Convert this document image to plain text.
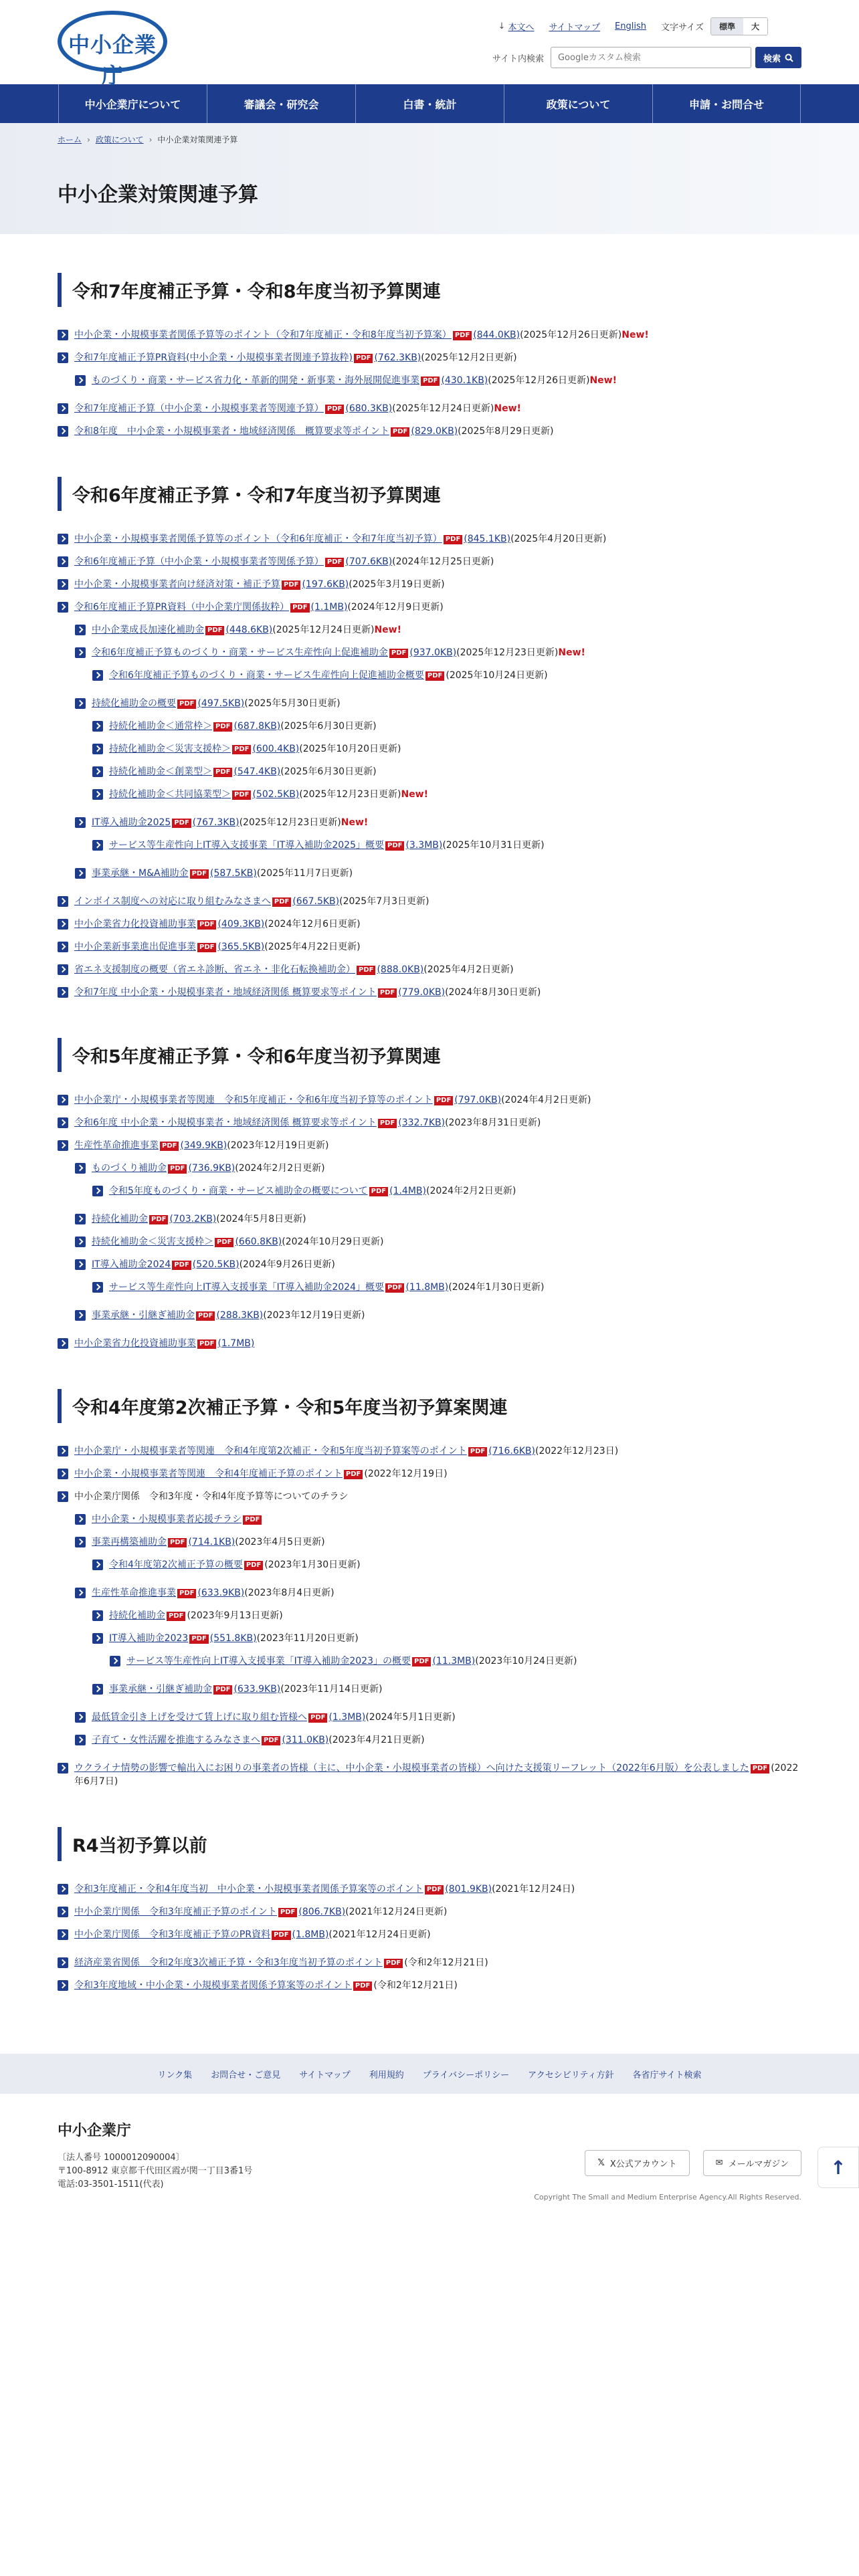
中小企業庁
↓ 本文へ サイトマップ English 文字サイズ	標準	大
サイト内検索
Googleカスタム検索	検索
中小企業庁について	審議会・研究会	白書・統計	政策について	申請・お問合せ
ホーム › 政策について › 中小企業対策関連予算
中小企業対策関連予算
令和7年度補正予算・令和8年度当初予算関連
中小企業・小規模事業者関係予算等のポイント（令和7年度補正・令和8年度当初予算案） PDF (844.0KB)(2025年12月26日更新)New!
令和7年度補正予算PR資料(中小企業・小規模事業者関連予算抜粋) PDF (762.3KB)(2025年12月2日更新)
ものづくり・商業・サービス省力化・革新的開発・新事業・海外展開促進事業 PDF (430.1KB)(2025年12月26日更新)New!
令和7年度補正予算（中小企業・小規模事業者等関連予算） PDF (680.3KB)(2025年12月24日更新)New!
令和8年度　中小企業・小規模事業者・地域経済関係　概算要求等ポイント PDF (829.0KB)(2025年8月29日更新)
令和6年度補正予算・令和7年度当初予算関連
中小企業・小規模事業者関係予算等のポイント（令和6年度補正・令和7年度当初予算） PDF (845.1KB)(2025年4月20日更新)
令和6年度補正予算（中小企業・小規模事業者等関係予算） PDF (707.6KB)(2024年12月25日更新)
中小企業・小規模事業者向け経済対策・補正予算 PDF (197.6KB)(2025年3月19日更新)
令和6年度補正予算PR資料（中小企業庁関係抜粋） PDF (1.1MB)(2024年12月9日更新)
中小企業成長加速化補助金 PDF (448.6KB)(2025年12月24日更新)New!
令和6年度補正予算ものづくり・商業・サービス生産性向上促進補助金 PDF (937.0KB)(2025年12月23日更新)New!
令和6年度補正予算ものづくり・商業・サービス生産性向上促進補助金概要 PDF (2025年10月24日更新)
持続化補助金の概要 PDF (497.5KB)(2025年5月30日更新)
持続化補助金＜通常枠＞ PDF (687.8KB)(2025年6月30日更新)
持続化補助金＜災害支援枠＞ PDF (600.4KB)(2025年10月20日更新)
持続化補助金＜創業型＞ PDF (547.4KB)(2025年6月30日更新)
持続化補助金＜共同協業型＞ PDF (502.5KB)(2025年12月23日更新)New!
IT導入補助金2025 PDF (767.3KB)(2025年12月23日更新)New!
サービス等生産性向上IT導入支援事業「IT導入補助金2025」概要 PDF (3.3MB)(2025年10月31日更新)
事業承継・M&A補助金 PDF (587.5KB)(2025年11月7日更新)
インボイス制度への対応に取り組むみなさまへ PDF (667.5KB)(2025年7月3日更新)
中小企業省力化投資補助事業 PDF (409.3KB)(2024年12月6日更新)
中小企業新事業進出促進事業 PDF (365.5KB)(2025年4月22日更新)
省エネ支援制度の概要（省エネ診断、省エネ・非化石転換補助金） PDF (888.0KB)(2025年4月2日更新)
令和7年度 中小企業・小規模事業者・地域経済関係 概算要求等ポイント PDF (779.0KB)(2024年8月30日更新)
令和5年度補正予算・令和6年度当初予算関連
中小企業庁・小規模事業者等関連　令和5年度補正・令和6年度当初予算等のポイント PDF (797.0KB)(2024年4月2日更新)
令和6年度 中小企業・小規模事業者・地域経済関係 概算要求等ポイント PDF (332.7KB)(2023年8月31日更新)
生産性革命推進事業 PDF (349.9KB)(2023年12月19日更新)
ものづくり補助金 PDF (736.9KB)(2024年2月2日更新)
令和5年度ものづくり・商業・サービス補助金の概要について PDF (1.4MB)(2024年2月2日更新)
持続化補助金 PDF (703.2KB)(2024年5月8日更新)
持続化補助金＜災害支援枠＞ PDF (660.8KB)(2024年10月29日更新)
IT導入補助金2024 PDF (520.5KB)(2024年9月26日更新)
サービス等生産性向上IT導入支援事業「IT導入補助金2024」概要 PDF (11.8MB)(2024年1月30日更新)
事業承継・引継ぎ補助金 PDF (288.3KB)(2023年12月19日更新)
中小企業省力化投資補助事業 PDF (1.7MB)
令和4年度第2次補正予算・令和5年度当初予算案関連
中小企業庁・小規模事業者等関連　令和4年度第2次補正・令和5年度当初予算案等のポイント PDF (716.6KB)(2022年12月23日)
中小企業・小規模事業者等関連　令和4年度補正予算のポイント PDF (2022年12月19日)
中小企業庁関係　令和3年度・令和4年度予算等についてのチラシ
中小企業・小規模事業者応援チラシ PDF
事業再構築補助金 PDF (714.1KB)(2023年4月5日更新)
令和4年度第2次補正予算の概要 PDF (2023年1月30日更新)
生産性革命推進事業 PDF (633.9KB)(2023年8月4日更新)
持続化補助金 PDF (2023年9月13日更新)
IT導入補助金2023 PDF (551.8KB)(2023年11月20日更新)
サービス等生産性向上IT導入支援事業「IT導入補助金2023」の概要 PDF (11.3MB)(2023年10月24日更新)
事業承継・引継ぎ補助金 PDF (633.9KB)(2023年11月14日更新)
最低賃金引き上げを受けて賃上げに取り組む皆様へ PDF (1.3MB)(2024年5月1日更新)
子育て・女性活躍を推進するみなさまへ PDF (311.0KB)(2023年4月21日更新)
ウクライナ情勢の影響で輸出入にお困りの事業者の皆様（主に、中小企業・小規模事業者の皆様）へ向けた支援策リーフレット（2022年6月版）を公表しました PDF (2022年6月7日)
R4当初予算以前
令和3年度補正・令和4年度当初　中小企業・小規模事業者関係予算案等のポイント PDF (801.9KB)(2021年12月24日)
中小企業庁関係　令和3年度補正予算のポイント PDF (806.7KB)(2021年12月24日更新)
中小企業庁関係　令和3年度補正予算のPR資料 PDF (1.8MB)(2021年12月24日更新)
経済産業省関係　令和2年度3次補正予算・令和3年度当初予算のポイント PDF (令和2年12月21日)
令和3年度地域・中小企業・小規模事業者関係予算案等のポイント PDF (令和2年12月21日)
リンク集 お問合せ・ご意見 サイトマップ 利用規約 プライバシーポリシー アクセシビリティ方針 各省庁サイト検索
中小企業庁
〔法人番号 1000012090004〕
〒100-8912 東京都千代田区霞が関一丁目3番1号
電話:03-3501-1511(代表)
𝕏 X公式アカウント	✉ メールマガジン
Copyright The Small and Medium Enterprise Agency.All Rights Reserved.
↑
